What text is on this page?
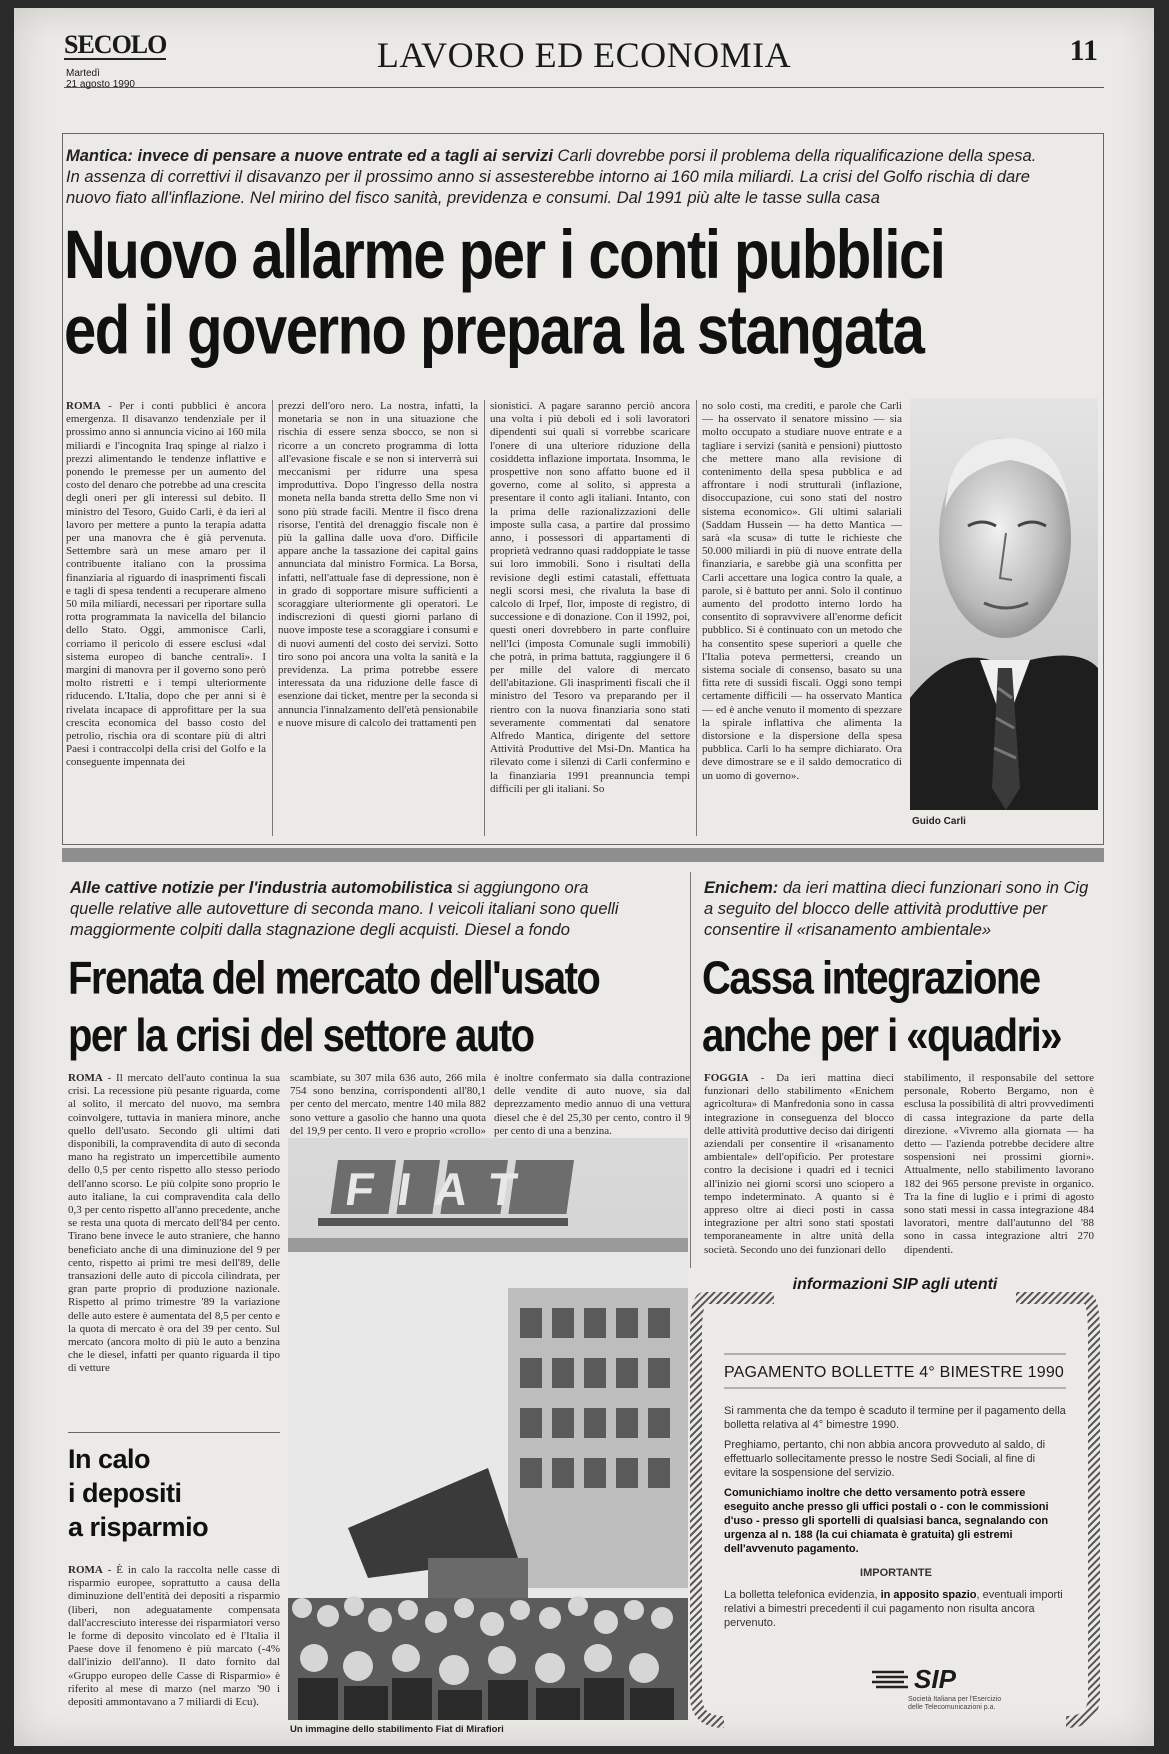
SECOLO
Martedì
21 agosto 1990
LAVORO ED ECONOMIA	11
Mantica: invece di pensare a nuove entrate ed a tagli ai servizi Carli dovrebbe porsi il problema della riqualificazione della spesa. In assenza di correttivi il disavanzo per il prossimo anno si assesterebbe intorno ai 160 mila miliardi. La crisi del Golfo rischia di dare nuovo fiato all'inflazione. Nel mirino del fisco sanità, previdenza e consumi. Dal 1991 più alte le tasse sulla casa
Nuovo allarme per i conti pubblici
ed il governo prepara la stangata
ROMA - Per i conti pubblici è ancora emergenza. Il disavanzo tendenziale per il prossimo anno si annuncia vicino ai 160 mila miliardi e l'incognita Iraq spinge al rialzo i prezzi alimentando le tendenze inflattive e ponendo le premesse per un aumento del costo del denaro che potrebbe ad una crescita degli oneri per gli interessi sul debito. Il ministro del Tesoro, Guido Carli, è da ieri al lavoro per mettere a punto la terapia adatta per una manovra che è già pervenuta. Settembre sarà un mese amaro per il contribuente italiano con la prossima finanziaria al riguardo di inasprimenti fiscali e tagli di spesa tendenti a recuperare almeno 50 mila miliardi, necessari per riportare sulla rotta programmata la navicella del bilancio dello Stato. Oggi, ammonisce Carli, corriamo il pericolo di essere esclusi «dal sistema europeo di banche centrali». I margini di manovra per il governo sono però molto ristretti e i tempi ulteriormente riducendo. L'Italia, dopo che per anni si è rivelata incapace di approfittare per la sua crescita economica del basso costo del petrolio, rischia ora di scontare più di altri Paesi i contraccolpi della crisi del Golfo e la conseguente impennata dei
prezzi dell'oro nero. La nostra, infatti, la monetaria se non in una situazione che rischia di essere senza sbocco, se non si ricorre a un concreto programma di lotta all'evasione fiscale e se non si interverrà sui meccanismi per ridurre una spesa improduttiva. Dopo l'ingresso della nostra moneta nella banda stretta dello Sme non vi sono più strade facili. Mentre il fisco drena risorse, l'entità del drenaggio fiscale non è più la gallina dalle uova d'oro. Difficile appare anche la tassazione dei capital gains annunciata dal ministro Formica. La Borsa, infatti, nell'attuale fase di depressione, non è in grado di sopportare misure sufficienti a scoraggiare ulteriormente gli operatori. Le indiscrezioni di questi giorni parlano di nuove imposte tese a scoraggiare i consumi e di nuovi aumenti del costo dei servizi. Sotto tiro sono poi ancora una volta la sanità e la previdenza. La prima potrebbe essere interessata da una riduzione delle fasce di esenzione dai ticket, mentre per la seconda si annuncia l'innalzamento dell'età pensionabile e nuove misure di calcolo dei trattamenti pen
sionistici. A pagare saranno perciò ancora una volta i più deboli ed i soli lavoratori dipendenti sui quali si vorrebbe scaricare l'onere di una ulteriore riduzione della cosiddetta inflazione importata. Insomma, le prospettive non sono affatto buone ed il governo, come al solito, si appresta a presentare il conto agli italiani. Intanto, con la prima delle razionalizzazioni delle imposte sulla casa, a partire dal prossimo anno, i possessori di appartamenti di proprietà vedranno quasi raddoppiate le tasse sui loro immobili. Sono i risultati della revisione degli estimi catastali, effettuata negli scorsi mesi, che rivaluta la base di calcolo di Irpef, Ilor, imposte di registro, di successione e di donazione. Con il 1992, poi, questi oneri dovrebbero in parte confluire nell'Ici (imposta Comunale sugli immobili) che potrà, in prima battuta, raggiungere il 6 per mille del valore di mercato dell'abitazione. Gli inasprimenti fiscali che il ministro del Tesoro va preparando per il rientro con la nuova finanziaria sono stati severamente commentati dal senatore Alfredo Mantica, dirigente del settore Attività Produttive del Msi-Dn. Mantica ha rilevato come i silenzi di Carli confermino e la finanziaria 1991 preannuncia tempi difficili per gli italiani. So
no solo costi, ma crediti, e parole che Carli — ha osservato il senatore missino — sia molto occupato a studiare nuove entrate e a tagliare i servizi (sanità e pensioni) piuttosto che mettere mano alla revisione di contenimento della spesa pubblica e ad affrontare i nodi strutturali (inflazione, disoccupazione, cui sono stati del nostro sistema economico». Gli ultimi salariali (Saddam Hussein — ha detto Mantica — sarà «la scusa» di tutte le richieste che 50.000 miliardi in più di nuove entrate della finanziaria, e sarebbe già una sconfitta per Carli accettare una logica contro la quale, a parole, si è battuto per anni. Solo il continuo aumento del prodotto interno lordo ha consentito di sopravvivere all'enorme deficit pubblico. Si è continuato con un metodo che ha consentito spese superiori a quelle che l'Italia poteva permettersi, creando un sistema sociale di consenso, basato su una fitta rete di sussidi fiscali. Oggi sono tempi certamente difficili — ha osservato Mantica — ed è anche venuto il momento di spezzare la spirale inflattiva che alimenta la distorsione e la dispersione della spesa pubblica. Carli lo ha sempre dichiarato. Ora deve dimostrare se e il saldo democratico di un uomo di governo».
Guido Carli
Alle cattive notizie per l'industria automobilistica si aggiungono ora quelle relative alle autovetture di seconda mano. I veicoli italiani sono quelli maggiormente colpiti dalla stagnazione degli acquisti. Diesel a fondo
Frenata del mercato dell'usato
per la crisi del settore auto
ROMA - Il mercato dell'auto continua la sua crisi. La recessione più pesante riguarda, come al solito, il mercato del nuovo, ma sembra coinvolgere, tuttavia in maniera minore, anche quello dell'usato. Secondo gli ultimi dati disponibili, la compravendita di auto di seconda mano ha registrato un impercettibile aumento dello 0,5 per cento rispetto allo stesso periodo dell'anno scorso. Le più colpite sono proprio le auto italiane, la cui compravendita cala dello 0,3 per cento rispetto all'anno precedente, anche se resta una quota di mercato dell'84 per cento. Tirano bene invece le auto straniere, che hanno beneficiato anche di una diminuzione del 9 per cento, rispetto ai primi tre mesi dell'89, delle transazioni delle auto di piccola cilindrata, per gran parte proprio di produzione nazionale. Rispetto al primo trimestre '89 la variazione delle auto estere è aumentata del 8,5 per cento e la quota di mercato è ora del 39 per cento. Sul mercato (ancora molto di più le auto a benzina che le diesel, infatti per quanto riguarda il tipo di vetture
scambiate, su 307 mila 636 auto, 266 mila 754 sono benzina, corrispondenti all'80,1 per cento del mercato, mentre 140 mila 882 sono vetture a gasolio che hanno una quota del 19,9 per cento. Il vero e proprio «crollo»
è inoltre confermato sia dalla contrazione delle vendite di auto nuove, sia dal deprezzamento medio annuo di una vettura diesel che è del 25,30 per cento, contro il 9 per cento di una a benzina.
FIAT
Un immagine dello stabilimento Fiat di Mirafiori
In calo
i depositi
a risparmio
ROMA - È in calo la raccolta nelle casse di risparmio europee, soprattutto a causa della diminuzione dell'entità dei depositi a risparmio (liberi, non adeguatamente compensata dall'accresciuto interesse dei risparmiatori verso le forme di deposito vincolato ed è l'Italia il Paese dove il fenomeno è più marcato (-4% dall'inizio dell'anno). Il dato fornito dal «Gruppo europeo delle Casse di Risparmio» è riferito al mese di marzo (nel marzo '90 i depositi ammontavano a 7 miliardi di Ecu).
Enichem: da ieri mattina dieci funzionari sono in Cig a seguito del blocco delle attività produttive per consentire il «risanamento ambientale»
Cassa integrazione
anche per i «quadri»
FOGGIA - Da ieri mattina dieci funzionari dello stabilimento «Enichem agricoltura» di Manfredonia sono in cassa integrazione in conseguenza del blocco delle attività produttive deciso dai dirigenti aziendali per consentire il «risanamento ambientale» dell'opificio. Per protestare contro la decisione i quadri ed i tecnici all'inizio nei giorni scorsi uno sciopero a tempo indeterminato. A quanto si è appreso oltre ai dieci posti in cassa integrazione per altri sono stati spostati temporaneamente in altre unità della società. Secondo uno dei funzionari dello
stabilimento, il responsabile del settore personale, Roberto Bergamo, non è esclusa la possibilità di altri provvedimenti di cassa integrazione da parte della direzione. «Vivremo alla giornata — ha detto — l'azienda potrebbe decidere altre sospensioni nei prossimi giorni». Attualmente, nello stabilimento lavorano 182 dei 965 persone previste in organico. Tra la fine di luglio e i primi di agosto sono stati messi in cassa integrazione 484 lavoratori, mentre dall'autunno del '88 sono in cassa integrazione altri 270 dipendenti.
informazioni SIP agli utenti
PAGAMENTO BOLLETTE 4° BIMESTRE 1990

Si rammenta che da tempo è scaduto il termine per il pagamento della bolletta relativa al 4° bimestre 1990.

Preghiamo, pertanto, chi non abbia ancora provveduto al saldo, di effettuarlo sollecitamente presso le nostre Sedi Sociali, al fine di evitare la sospensione del servizio.

Comunichiamo inoltre che detto versamento potrà essere eseguito anche presso gli uffici postali o - con le commissioni d'uso - presso gli sportelli di qualsiasi banca, segnalando con urgenza al n. 188 (la cui chiamata è gratuita) gli estremi dell'avvenuto pagamento.

IMPORTANTE

La bolletta telefonica evidenzia, in apposito spazio, eventuali importi relativi a bimestri precedenti il cui pagamento non risulta ancora pervenuto.

SIP
Società Italiana per l'Esercizio
delle Telecomunicazioni p.a.
